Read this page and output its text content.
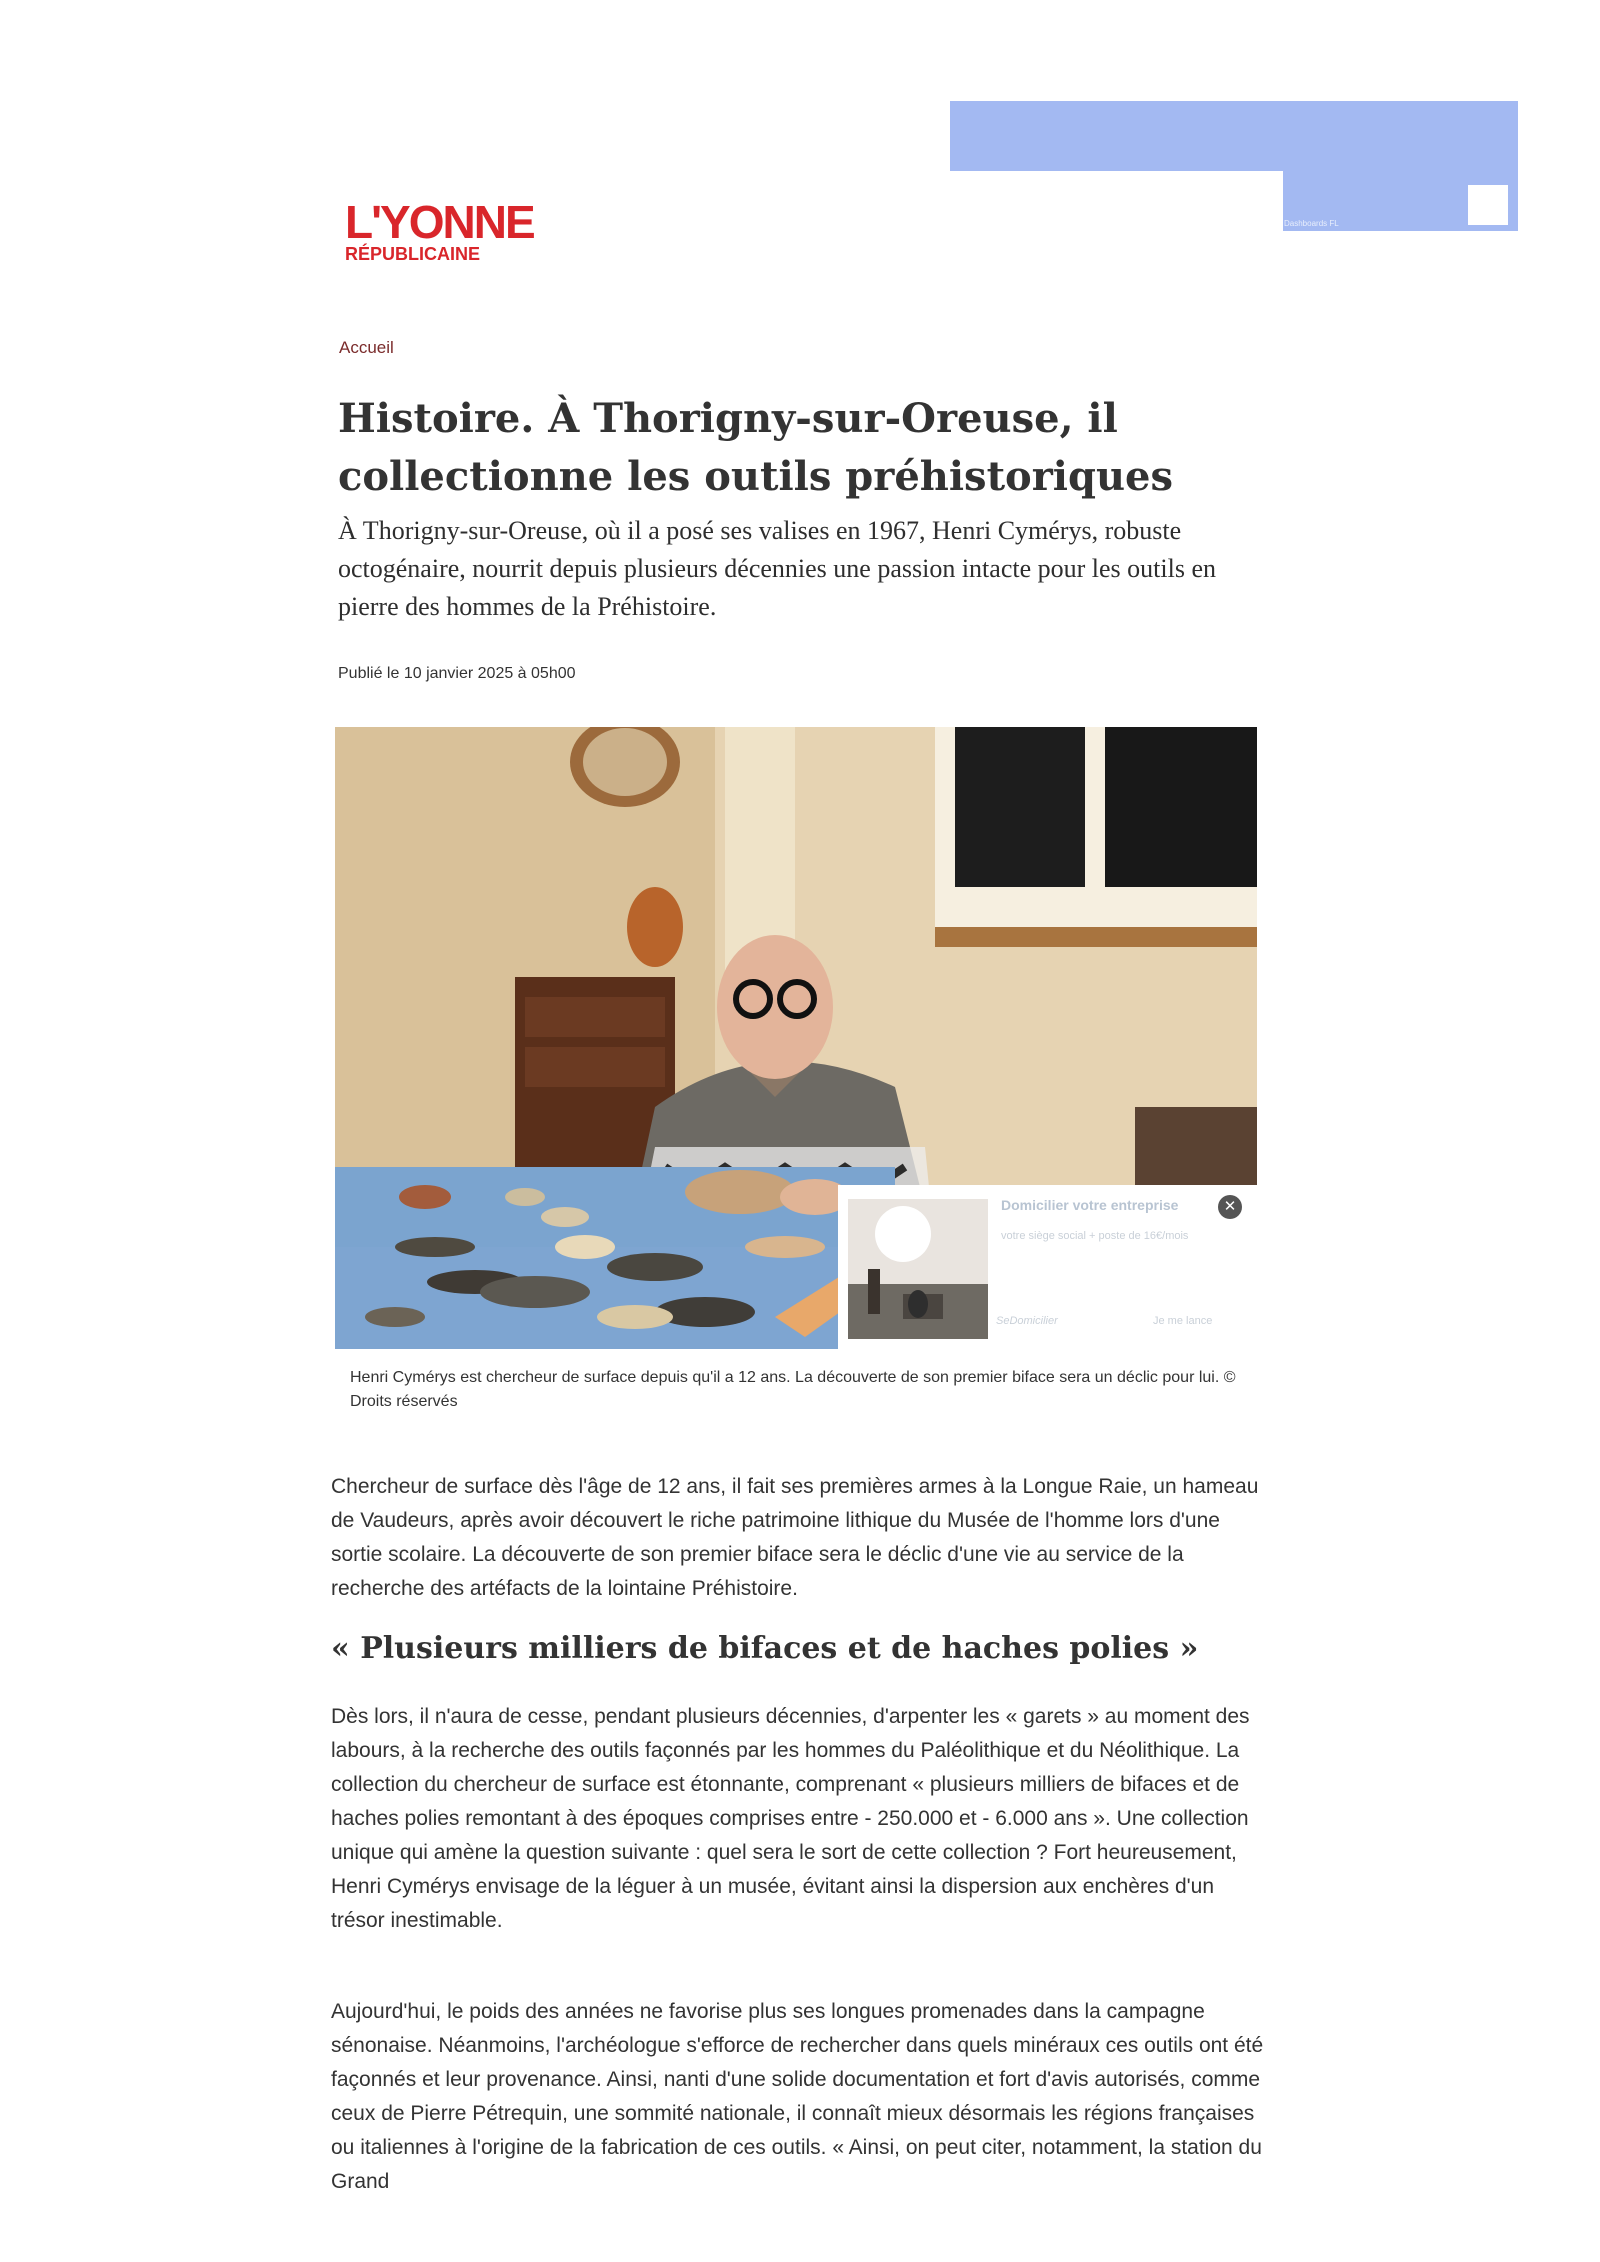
Dashboards FL
L'YONNE
RÉPUBLICAINE
Accueil
Histoire. À Thorigny-sur-Oreuse, il collectionne les outils préhistoriques

À Thorigny-sur-Oreuse, où il a posé ses valises en 1967, Henri Cymérys, robuste octogénaire, nourrit depuis plusieurs décennies une passion intacte pour les outils en pierre des hommes de la Préhistoire.

Publié le 10 janvier 2025 à 05h00
Domicilier votre entreprise
votre siège social + poste de 16€/mois
SeDomicilier	Je me lance
✕

Henri Cymérys est chercheur de surface depuis qu'il a 12 ans. La découverte de son premier biface sera un déclic pour lui. © Droits réservés

Chercheur de surface dès l'âge de 12 ans, il fait ses premières armes à la Longue Raie, un hameau de Vaudeurs, après avoir découvert le riche patrimoine lithique du Musée de l'homme lors d'une sortie scolaire. La découverte de son premier biface sera le déclic d'une vie au service de la recherche des artéfacts de la lointaine Préhistoire.

« Plusieurs milliers de bifaces et de haches polies »

Dès lors, il n'aura de cesse, pendant plusieurs décennies, d'arpenter les « garets » au moment des labours, à la recherche des outils façonnés par les hommes du Paléolithique et du Néolithique. La collection du chercheur de surface est étonnante, comprenant « plusieurs milliers de bifaces et de haches polies remontant à des époques comprises entre - 250.000 et - 6.000 ans ». Une collection unique qui amène la question suivante : quel sera le sort de cette collection ? Fort heureusement, Henri Cymérys envisage de la léguer à un musée, évitant ainsi la dispersion aux enchères d'un trésor inestimable.

Aujourd'hui, le poids des années ne favorise plus ses longues promenades dans la campagne sénonaise. Néanmoins, l'archéologue s'efforce de rechercher dans quels minéraux ces outils ont été façonnés et leur provenance. Ainsi, nanti d'une solide documentation et fort d'avis autorisés, comme ceux de Pierre Pétrequin, une sommité nationale, il connaît mieux désormais les régions françaises ou italiennes à l'origine de la fabrication de ces outils. « Ainsi, on peut citer, notamment, la station du Grand
